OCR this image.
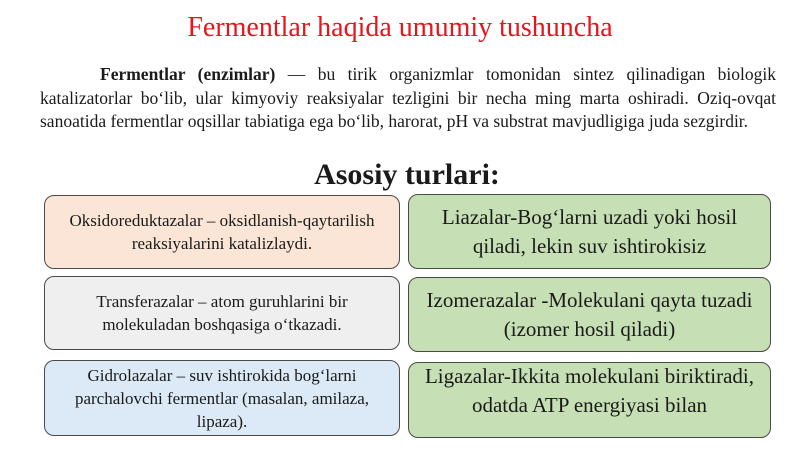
Fermentlar haqida umumiy tushuncha
Fermentlar (enzimlar) — bu tirik organizmlar tomonidan sintez qilinadigan biologik katalizatorlar bo‘lib, ular kimyoviy reaksiyalar tezligini bir necha ming marta oshiradi. Oziq-ovqat sanoatida fermentlar oqsillar tabiatiga ega bo‘lib, harorat, pH va substrat mavjudligiga juda sezgirdir.
Asosiy turlari:
Oksidoreduktazalar – oksidlanish-qaytarilish reaksiyalarini katalizlaydi.
Transferazalar – atom guruhlarini bir molekuladan boshqasiga o‘tkazadi.
Gidrolazalar – suv ishtirokida bog‘larni parchalovchi fermentlar (masalan, amilaza, lipaza).
Liazalar-Bog‘larni uzadi yoki hosil qiladi, lekin suv ishtirokisiz
Izomerazalar -Molekulani qayta tuzadi (izomer hosil qiladi)
Ligazalar-Ikkita molekulani biriktiradi, odatda ATP energiyasi bilan
